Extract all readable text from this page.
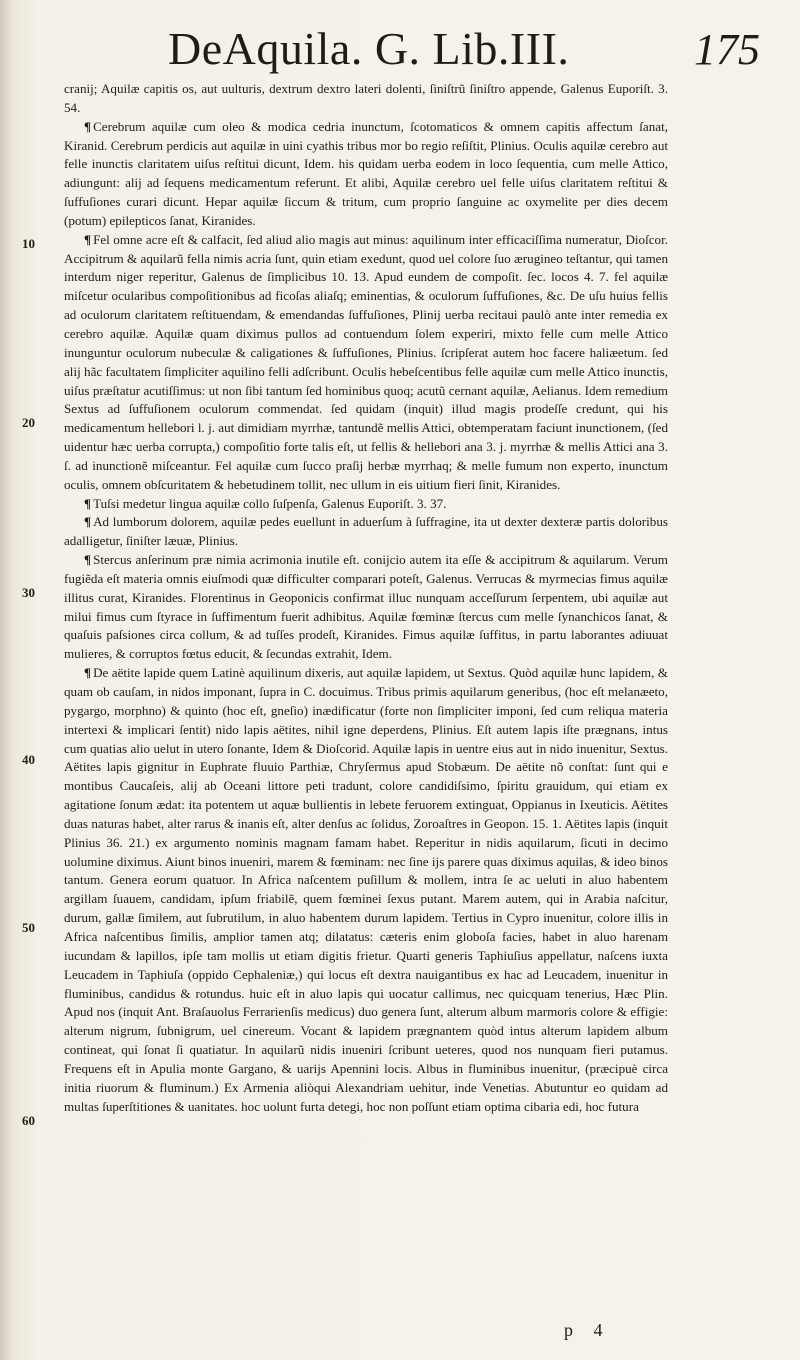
DeAquila. G. Lib.III.	175
10
20
30
40
50
60

cranij; Aquilæ capitis os, aut uulturis, dextrum dextro lateri dolenti, ſiniſtrũ ſiniſtro appende, Galenus Euporiſt. 3. 54.

¶ Cerebrum aquilæ cum oleo & modica cedria inunctum, ſcotomaticos & omnem capitis affectum ſanat, Kiranid. Cerebrum perdicis aut aquilæ in uini cyathis tribus mor bo regio reſiſtit, Plinius. Oculis aquilæ cerebro aut felle inunctis claritatem uiſus reſtitui dicunt, Idem. his quidam uerba eodem in loco ſequentia, cum melle Attico, adiungunt: alij ad ſequens medicamentum referunt. Et alibi, Aquilæ cerebro uel felle uiſus claritatem reſtitui & ſuffuſiones curari dicunt. Hepar aquilæ ſiccum & tritum, cum proprio ſanguine ac oxymelite per dies decem (potum) epilepticos ſanat, Kiranides.

¶ Fel omne acre eſt & calfacit, ſed aliud alio magis aut minus: aquilinum inter efficaciſſima numeratur, Dioſcor. Accipitrum & aquilarũ fella nimis acria ſunt, quin etiam exedunt, quod uel colore ſuo ærugineo teſtantur, qui tamen interdum niger reperitur, Galenus de ſimplicibus 10. 13. Apud eundem de compoſit. ſec. locos 4. 7. fel aquilæ miſcetur ocularibus compoſitionibus ad ficoſas aliaſq; eminentias, & oculorum ſuffuſiones, &c. De uſu huius fellis ad oculorum claritatem reſtituendam, & emendandas ſuffuſiones, Plinij uerba recitaui paulò ante inter remedia ex cerebro aquilæ. Aquilæ quam diximus pullos ad contuendum ſolem experiri, mixto felle cum melle Attico inunguntur oculorum nubeculæ & caligationes & ſuffuſiones, Plinius. ſcripſerat autem hoc facere haliæetum. ſed alij hãc facultatem ſimpliciter aquilino felli adſcribunt. Oculis hebeſcentibus felle aquilæ cum melle Attico inunctis, uiſus præſtatur acutiſſimus: ut non ſibi tantum ſed hominibus quoq; acutũ cernant aquilæ, Aelianus. Idem remedium Sextus ad ſuffuſionem oculorum commendat. ſed quidam (inquit) illud magis prodeſſe credunt, qui his medicamentum hellebori l. j. aut dimidiam myrrhæ, tantundẽ mellis Attici, obtemperatam faciunt inunctionem, (ſed uidentur hæc uerba corrupta,) compoſitio forte talis eſt, ut fellis & hellebori ana 3. j. myrrhæ & mellis Attici ana 3. ſ. ad inunctionẽ miſceantur. Fel aquilæ cum ſucco praſij herbæ myrrhaq; & melle fumum non experto, inunctum oculis, omnem obſcuritatem & hebetudinem tollit, nec ullum in eis uitium fieri ſinit, Kiranides.

¶ Tuſsi medetur lingua aquilæ collo ſuſpenſa, Galenus Euporiſt. 3. 37.

¶ Ad lumborum dolorem, aquilæ pedes euellunt in aduerſum à ſuffragine, ita ut dexter dexteræ partis doloribus adalligetur, ſiniſter læuæ, Plinius.

¶ Stercus anſerinum præ nimia acrimonia inutile eſt. conijcio autem ita eſſe & accipitrum & aquilarum. Verum fugiẽda eſt materia omnis eiuſmodi quæ difficulter comparari poteſt, Galenus. Verrucas & myrmecias fimus aquilæ illitus curat, Kiranides. Florentinus in Geoponicis confirmat illuc nunquam acceſſurum ſerpentem, ubi aquilæ aut milui fimus cum ſtyrace in ſuffimentum fuerit adhibitus. Aquilæ fœminæ ſtercus cum melle ſynanchicos ſanat, & quaſuis paſsiones circa collum, & ad tuſſes prodeſt, Kiranides. Fimus aquilæ ſuffitus, in partu laborantes adiuuat mulieres, & corruptos fœtus educit, & ſecundas extrahit, Idem.

¶ De aëtite lapide quem Latinè aquilinum dixeris, aut aquilæ lapidem, ut Sextus. Quòd aquilæ hunc lapidem, & quam ob cauſam, in nidos imponant, ſupra in C. docuimus. Tribus primis aquilarum generibus, (hoc eſt melanæeto, pygargo, morphno) & quinto (hoc eſt, gneſio) inædificatur (forte non ſimpliciter imponi, ſed cum reliqua materia intertexi & implicari ſentit) nido lapis aëtites, nihil igne deperdens, Plinius. Eſt autem lapis iſte prægnans, intus cum quatias alio uelut in utero ſonante, Idem & Dioſcorid. Aquilæ lapis in uentre eius aut in nido inuenitur, Sextus. Aëtites lapis gignitur in Euphrate fluuio Parthiæ, Chryſermus apud Stobæum. De aëtite nõ conſtat: ſunt qui e montibus Caucaſeis, alij ab Oceani littore peti tradunt, colore candidiſsimo, ſpiritu grauidum, qui etiam ex agitatione ſonum ædat: ita potentem ut aquæ bullientis in lebete feruorem extinguat, Oppianus in Ixeuticis. Aëtites duas naturas habet, alter rarus & inanis eſt, alter denſus ac ſolidus, Zoroaſtres in Geopon. 15. 1. Aëtites lapis (inquit Plinius 36. 21.) ex argumento nominis magnam famam habet. Reperitur in nidis aquilarum, ſicuti in decimo uolumine diximus. Aiunt binos inueniri, marem & fœminam: nec ſine ijs parere quas diximus aquilas, & ideo binos tantum. Genera eorum quatuor. In Africa naſcentem puſillum & mollem, intra ſe ac ueluti in aluo habentem argillam ſuauem, candidam, ipſum friabilẽ, quem fœminei ſexus putant. Marem autem, qui in Arabia naſcitur, durum, gallæ ſimilem, aut ſubrutilum, in aluo habentem durum lapidem. Tertius in Cypro inuenitur, colore illis in Africa naſcentibus ſimilis, amplior tamen atq; dilatatus: cæteris enim globoſa facies, habet in aluo harenam iucundam & lapillos, ipſe tam mollis ut etiam digitis frietur. Quarti generis Taphiuſius appellatur, naſcens iuxta Leucadem in Taphiuſa (oppido Cephaleniæ,) qui locus eſt dextra nauigantibus ex hac ad Leucadem, inuenitur in fluminibus, candidus & rotundus. huic eſt in aluo lapis qui uocatur callimus, nec quicquam tenerius, Hæc Plin. Apud nos (inquit Ant. Braſauolus Ferrarienſis medicus) duo genera ſunt, alterum album marmoris colore & effigie: alterum nigrum, ſubnigrum, uel cinereum. Vocant & lapidem prægnantem quòd intus alterum lapidem album contineat, qui ſonat ſi quatiatur. In aquilarũ nidis inueniri ſcribunt ueteres, quod nos nunquam fieri putamus. Frequens eſt in Apulia monte Gargano, & uarijs Apennini locis. Albus in fluminibus inuenitur, (præcipuè circa initia riuorum & fluminum.) Ex Armenia aliòqui Alexandriam uehitur, inde Venetias. Abutuntur eo quidam ad multas ſuperſtitiones & uanitates. hoc uolunt furta detegi, hoc non poſſunt etiam optima cibaria edi, hoc futura

p 4
